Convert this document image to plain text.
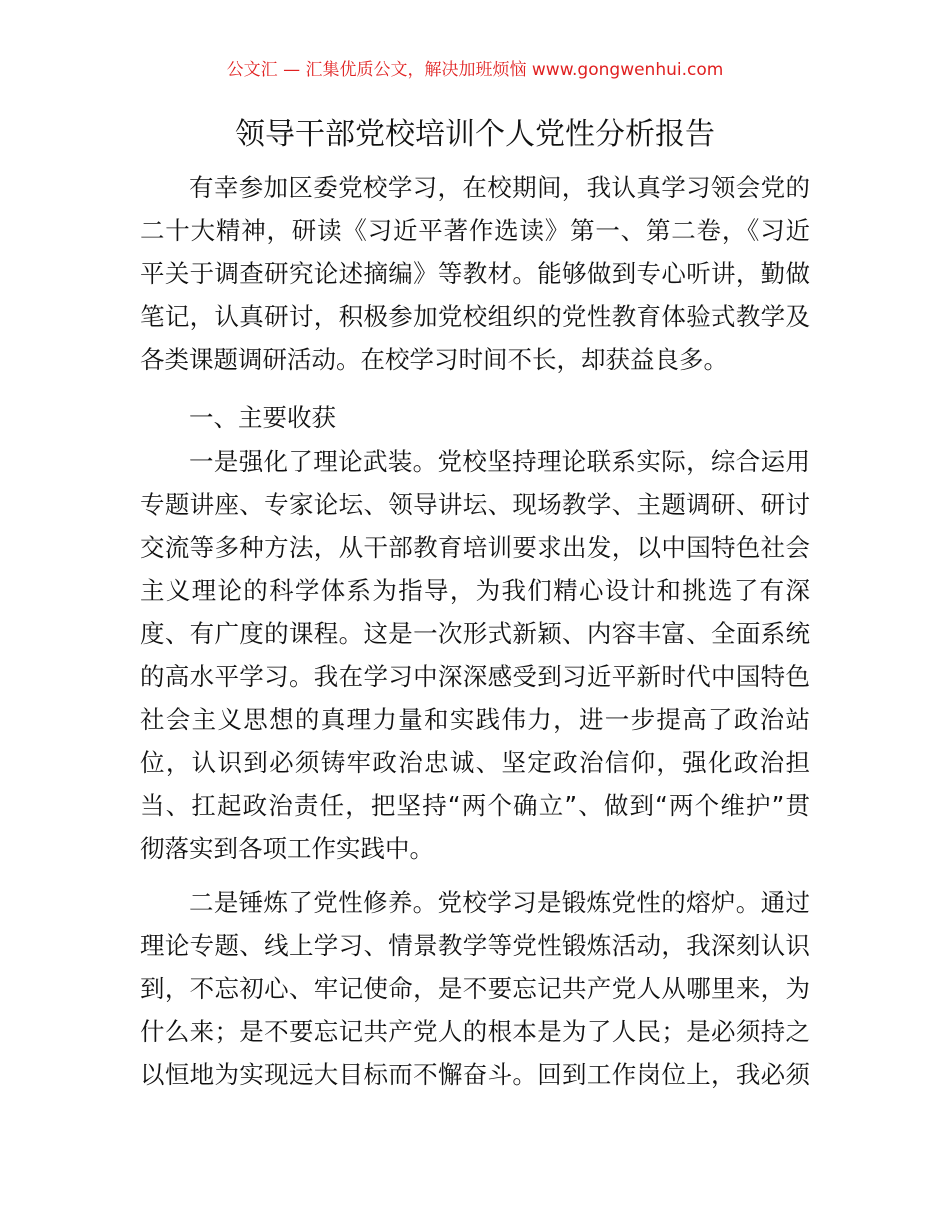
公文汇 — 汇集优质公文，解决加班烦恼 www.gongwenhui.com
领导干部党校培训个人党性分析报告
有幸参加区委党校学习，在校期间，我认真学习领会党的
二十大精神，研读《习近平著作选读》第一、第二卷，《习近
平关于调查研究论述摘编》等教材。能够做到专心听讲，勤做
笔记，认真研讨，积极参加党校组织的党性教育体验式教学及
各类课题调研活动。在校学习时间不长，却获益良多。
一、主要收获
一是强化了理论武装。党校坚持理论联系实际，综合运用
专题讲座、专家论坛、领导讲坛、现场教学、主题调研、研讨
交流等多种方法，从干部教育培训要求出发，以中国特色社会
主义理论的科学体系为指导，为我们精心设计和挑选了有深
度、有广度的课程。这是一次形式新颖、内容丰富、全面系统
的高水平学习。我在学习中深深感受到习近平新时代中国特色
社会主义思想的真理力量和实践伟力，进一步提高了政治站
位，认识到必须铸牢政治忠诚、坚定政治信仰，强化政治担
当、扛起政治责任，把坚持“两个确立”、做到“两个维护”贯
彻落实到各项工作实践中。
二是锤炼了党性修养。党校学习是锻炼党性的熔炉。通过
理论专题、线上学习、情景教学等党性锻炼活动，我深刻认识
到，不忘初心、牢记使命，是不要忘记共产党人从哪里来，为
什么来；是不要忘记共产党人的根本是为了人民；是必须持之
以恒地为实现远大目标而不懈奋斗。回到工作岗位上，我必须
